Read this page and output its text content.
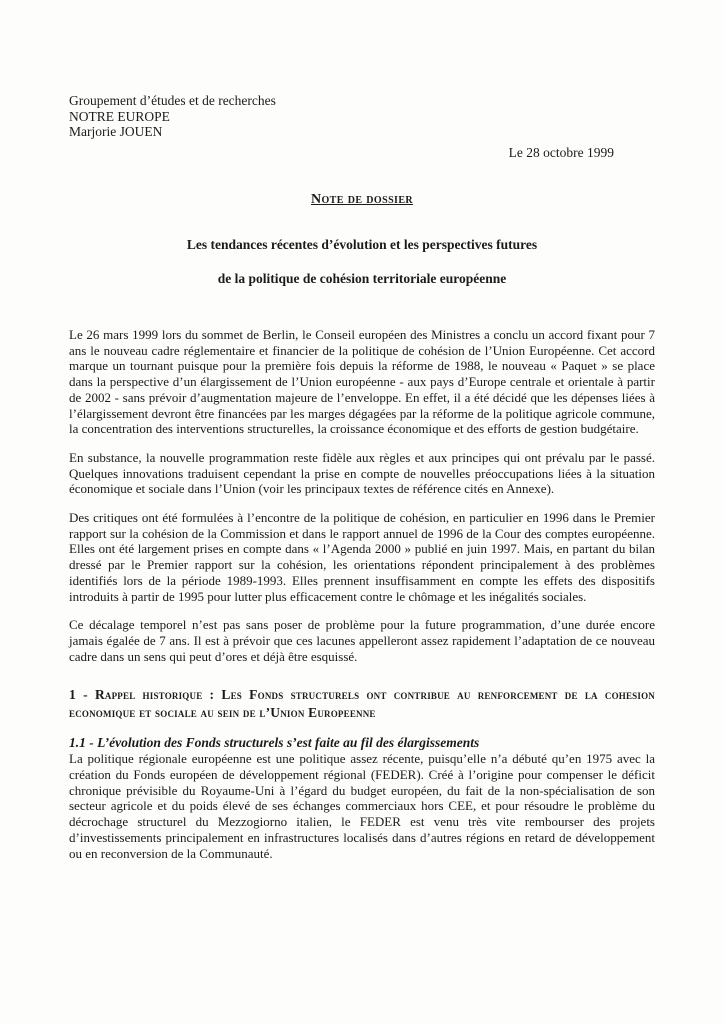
Groupement d’études et de recherches
NOTRE EUROPE
Marjorie JOUEN
Le 28 octobre 1999
Note de dossier
Les tendances récentes d’évolution et les perspectives futures
de la politique de cohésion territoriale européenne

Le 26 mars 1999 lors du sommet de Berlin, le Conseil européen des Ministres a conclu un accord fixant pour 7 ans le nouveau cadre réglementaire et financier de la politique de cohésion de l’Union Européenne. Cet accord marque un tournant puisque pour la première fois depuis la réforme de 1988, le nouveau « Paquet » se place dans la perspective d’un élargissement de l’Union européenne - aux pays d’Europe centrale et orientale à partir de 2002 - sans prévoir d’augmentation majeure de l’enveloppe. En effet, il a été décidé que les dépenses liées à l’élargissement devront être financées par les marges dégagées par la réforme de la politique agricole commune, la concentration des interventions structurelles, la croissance économique et des efforts de gestion budgétaire.

En substance, la nouvelle programmation reste fidèle aux règles et aux principes qui ont prévalu par le passé. Quelques innovations traduisent cependant la prise en compte de nouvelles préoccupations liées à la situation économique et sociale dans l’Union (voir les principaux textes de référence cités en Annexe).

Des critiques ont été formulées à l’encontre de la politique de cohésion, en particulier en 1996 dans le Premier rapport sur la cohésion de la Commission et dans le rapport annuel de 1996 de la Cour des comptes européenne. Elles ont été largement prises en compte dans « l’Agenda 2000 » publié en juin 1997. Mais, en partant du bilan dressé par le Premier rapport sur la cohésion, les orientations répondent principalement à des problèmes identifiés lors de la période 1989-1993. Elles prennent insuffisamment en compte les effets des dispositifs introduits à partir de 1995 pour lutter plus efficacement contre le chômage et les inégalités sociales.

Ce décalage temporel n’est pas sans poser de problème pour la future programmation, d’une durée encore jamais égalée de 7 ans. Il est à prévoir que ces lacunes appelleront assez rapidement l’adaptation de ce nouveau cadre dans un sens qui peut d’ores et déjà être esquissé.

1 - Rappel historique : Les Fonds structurels ont contribue au renforcement de la cohesion economique et sociale au sein de l’Union Europeenne
1.1 - L’évolution des Fonds structurels s’est faite au fil des élargissements

La politique régionale européenne est une politique assez récente, puisqu’elle n’a débuté qu’en 1975 avec la création du Fonds européen de développement régional (FEDER). Créé à l’origine pour compenser le déficit chronique prévisible du Royaume-Uni à l’égard du budget européen, du fait de la non-spécialisation de son secteur agricole et du poids élevé de ses échanges commerciaux hors CEE, et pour résoudre le problème du décrochage structurel du Mezzogiorno italien, le FEDER est venu très vite rembourser des projets d’investissements principalement en infrastructures localisés dans d’autres régions en retard de développement ou en reconversion de la Communauté.
